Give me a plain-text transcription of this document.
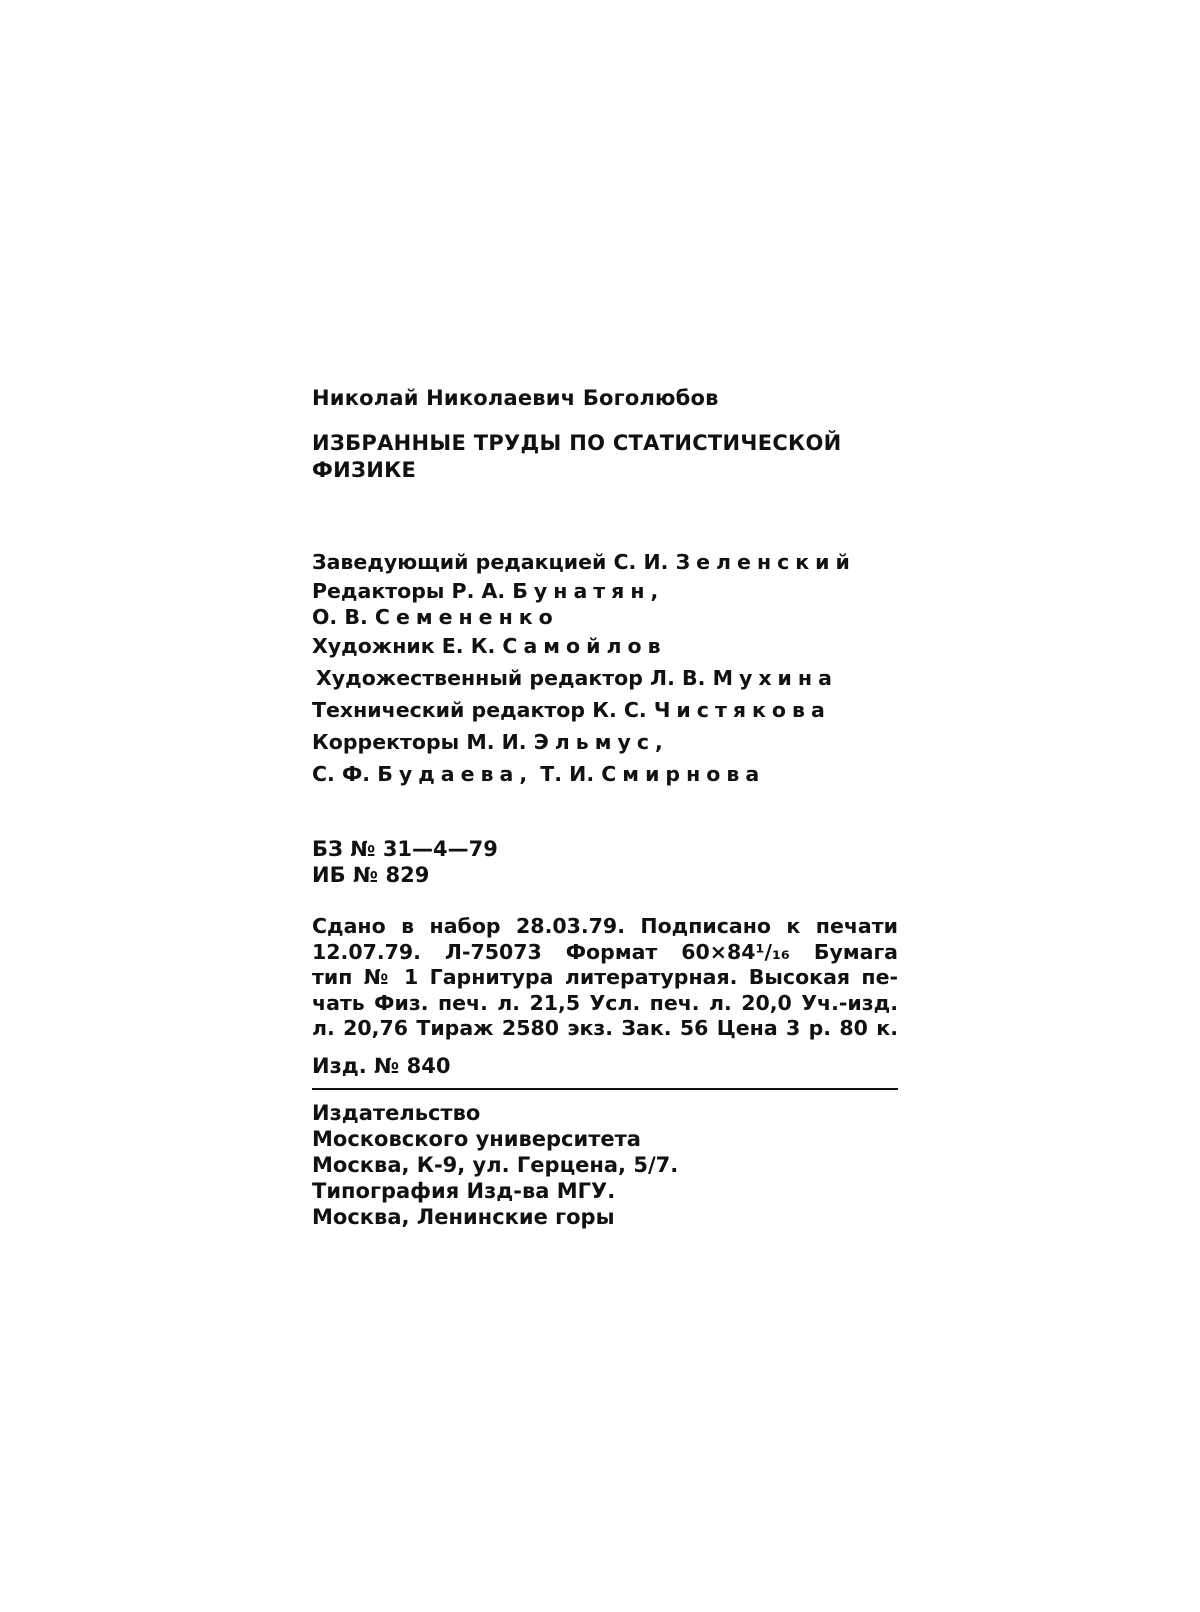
Николай Николаевич Боголюбов
ИЗБРАННЫЕ ТРУДЫ ПО СТАТИСТИЧЕСКОЙ
ФИЗИКЕ
Заведующий редакцией С. И. Зеленский
Редакторы Р. А. Бунатян,
О. В. Семененко
Художник Е. К. Самойлов
Художественный редактор Л. В. Мухина
Технический редактор К. С. Чистякова
Корректоры М. И. Эльмус,
С. Ф. Будаева, Т. И. Смирнова
БЗ № 31—4—79
ИБ № 829
Сдано в набор 28.03.79. Подписано к печати
12.07.79. Л-75073 Формат 60×84¹/₁₆ Бумага
тип № 1 Гарнитура литературная. Высокая пе-
чать Физ. печ. л. 21,5 Усл. печ. л. 20,0 Уч.-изд.
л. 20,76 Тираж 2580 экз. Зак. 56 Цена 3 р. 80 к.
Изд. № 840
Издательство
Московского университета
Москва, К-9, ул. Герцена, 5/7.
Типография Изд-ва МГУ.
Москва, Ленинские горы
